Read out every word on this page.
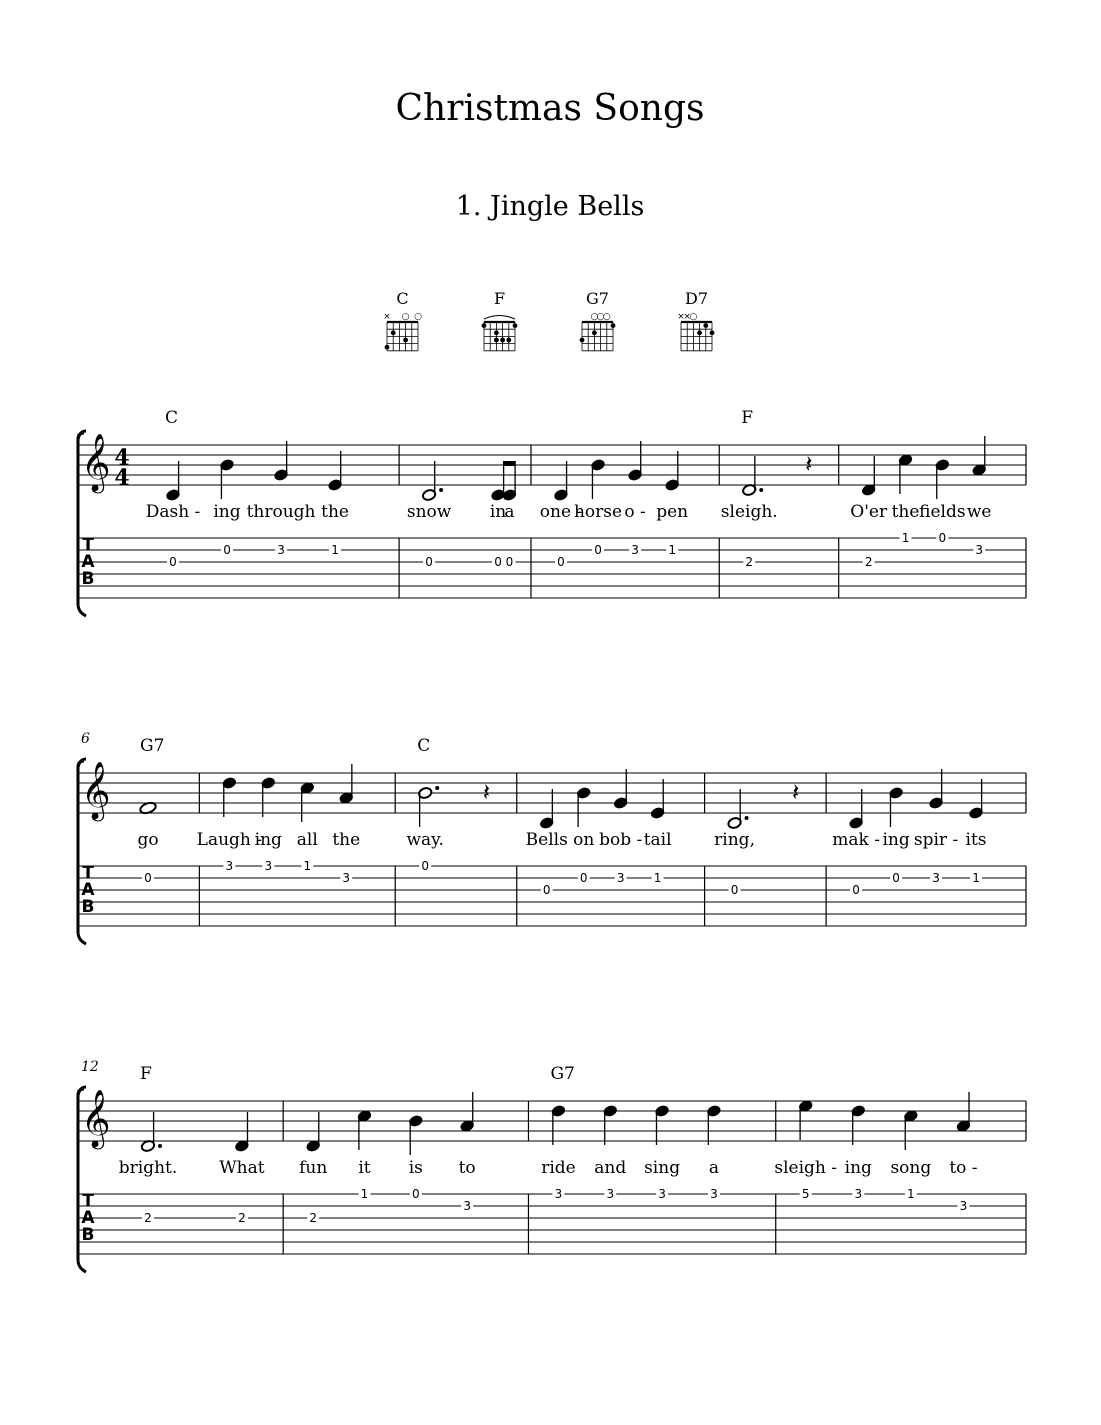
Christmas Songs
1. Jingle Bells
C
× ○ ○
F	G7
○
○
○
D7
×
×
○
𝄞
T
A
B
4
4
C
Dash -
0
ing
0
through
3
the
1
snow
0
in
0
a
0
one -
0
horse
0
o -
3
pen
1
F
sleigh.
2
𝄽
O'er
2
the
1
fields
0
we
3
𝄞
T
A
B
6	G7
go
0
Laugh -
3
ing
3
all
1
the
3
C
way.
0
𝄽
Bells
0
on
0
bob -
3
tail
1
ring,
0
𝄽
mak -
0
ing
0
spir -
3
its
1
𝄞
T
A
B
12 F
bright.
2
What
2
fun
2
it
1
is
0
to
3
G7
ride
3
and
3
sing
3
a
3
sleigh -
5
ing
3
song
1
to -
3
